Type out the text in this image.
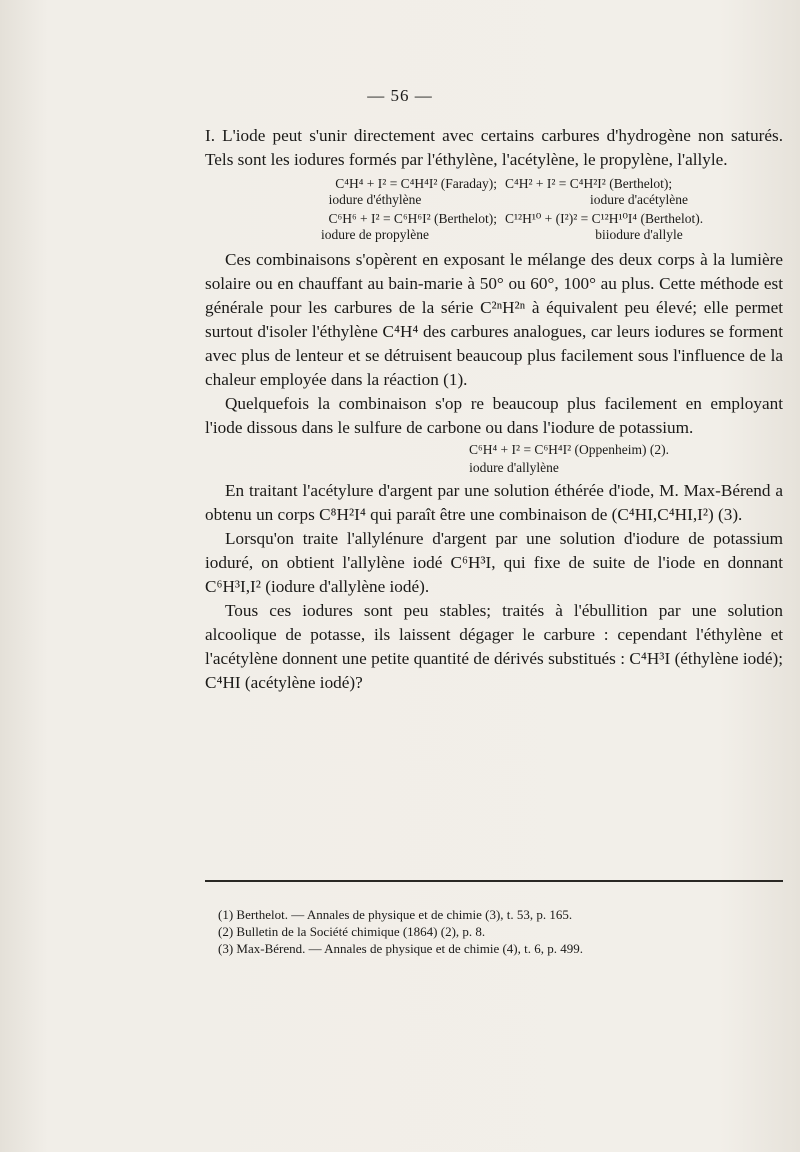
— 56 —

I. L'iode peut s'unir directement avec certains carbures d'hydrogène non saturés. Tels sont les iodures formés par l'éthylène, l'acétylène, le propylène, l'allyle.

C⁴H⁴ + I² = C⁴H⁴I² (Faraday); C⁴H² + I² = C⁴H²I² (Berthelot);
iodure d'éthylène	iodure d'acétylène
C⁶H⁶ + I² = C⁶H⁶I² (Berthelot); C¹²H¹⁰ + (I²)² = C¹²H¹⁰I⁴ (Berthelot).
iodure de propylène	biiodure d'allyle

Ces combinaisons s'opèrent en exposant le mélange des deux corps à la lumière solaire ou en chauffant au bain-marie à 50° ou 60°, 100° au plus. Cette méthode est générale pour les carbures de la série C²ⁿH²ⁿ à équivalent peu élevé; elle permet surtout d'isoler l'éthylène C⁴H⁴ des carbures analogues, car leurs iodures se forment avec plus de lenteur et se détruisent beaucoup plus facilement sous l'influence de la chaleur employée dans la réaction (1).

Quelquefois la combinaison s'op re beaucoup plus facilement en employant l'iode dissous dans le sulfure de carbone ou dans l'iodure de potassium.

C⁶H⁴ + I² = C⁶H⁴I² (Oppenheim) (2).
iodure d'allylène

En traitant l'acétylure d'argent par une solution éthérée d'iode, M. Max-Bérend a obtenu un corps C⁸H²I⁴ qui paraît être une combinaison de (C⁴HI,C⁴HI,I²) (3).

Lorsqu'on traite l'allylénure d'argent par une solution d'iodure de potassium ioduré, on obtient l'allylène iodé C⁶H³I, qui fixe de suite de l'iode en donnant C⁶H³I,I² (iodure d'allylène iodé).

Tous ces iodures sont peu stables; traités à l'ébullition par une solution alcoolique de potasse, ils laissent dégager le carbure : cependant l'éthylène et l'acétylène donnent une petite quantité de dérivés substitués : C⁴H³I (éthylène iodé); C⁴HI (acétylène iodé)?

(1) Berthelot. — Annales de physique et de chimie (3), t. 53, p. 165.
(2) Bulletin de la Société chimique (1864) (2), p. 8.
(3) Max-Bérend. — Annales de physique et de chimie (4), t. 6, p. 499.
